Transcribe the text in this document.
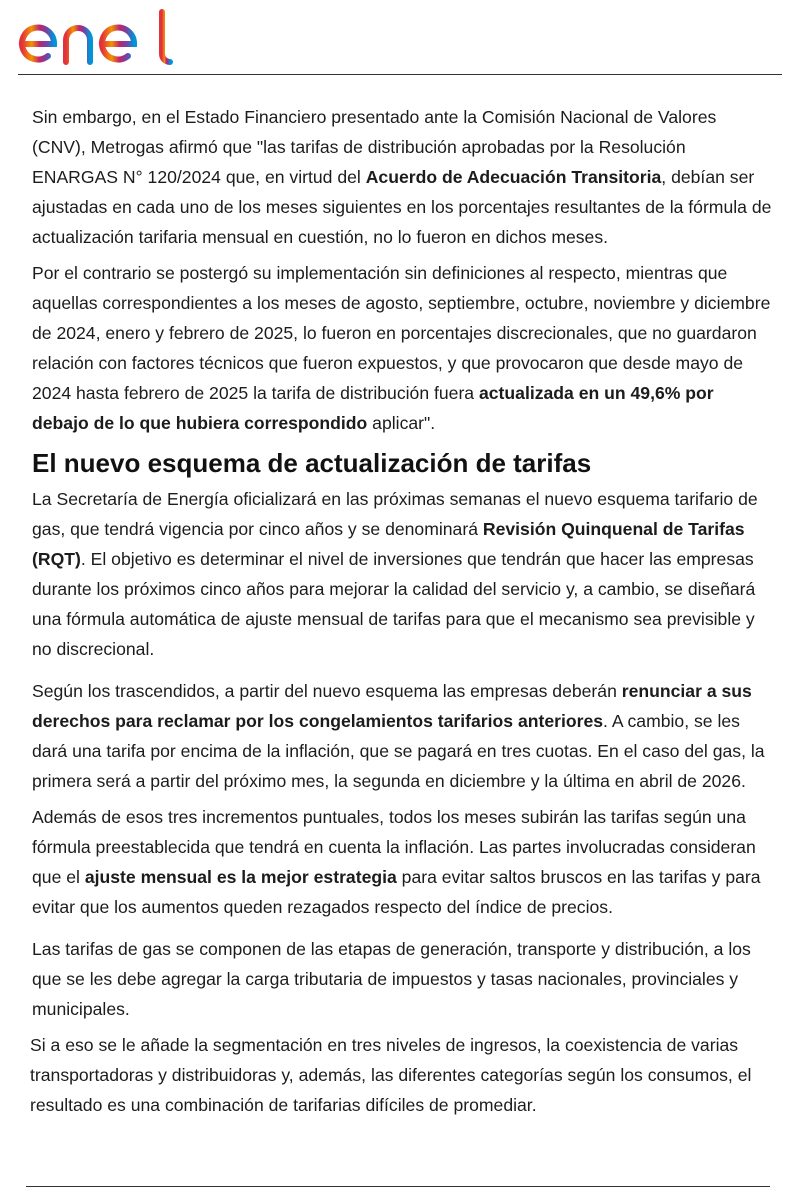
Sin embargo, en el Estado Financiero presentado ante la Comisión Nacional de Valores (CNV), Metrogas afirmó que "las tarifas de distribución aprobadas por la Resolución ENARGAS N° 120/2024 que, en virtud del Acuerdo de Adecuación Transitoria, debían ser ajustadas en cada uno de los meses siguientes en los porcentajes resultantes de la fórmula de actualización tarifaria mensual en cuestión, no lo fueron en dichos meses.

Por el contrario se postergó su implementación sin definiciones al respecto, mientras que aquellas correspondientes a los meses de agosto, septiembre, octubre, noviembre y diciembre de 2024, enero y febrero de 2025, lo fueron en porcentajes discrecionales, que no guardaron relación con factores técnicos que fueron expuestos, y que provocaron que desde mayo de 2024 hasta febrero de 2025 la tarifa de distribución fuera actualizada en un 49,6% por debajo de lo que hubiera correspondido aplicar".

El nuevo esquema de actualización de tarifas

La Secretaría de Energía oficializará en las próximas semanas el nuevo esquema tarifario de gas, que tendrá vigencia por cinco años y se denominará Revisión Quinquenal de Tarifas (RQT). El objetivo es determinar el nivel de inversiones que tendrán que hacer las empresas durante los próximos cinco años para mejorar la calidad del servicio y, a cambio, se diseñará una fórmula automática de ajuste mensual de tarifas para que el mecanismo sea previsible y no discrecional.

Según los trascendidos, a partir del nuevo esquema las empresas deberán renunciar a sus derechos para reclamar por los congelamientos tarifarios anteriores. A cambio, se les dará una tarifa por encima de la inflación, que se pagará en tres cuotas. En el caso del gas, la primera será a partir del próximo mes, la segunda en diciembre y la última en abril de 2026.

Además de esos tres incrementos puntuales, todos los meses subirán las tarifas según una fórmula preestablecida que tendrá en cuenta la inflación. Las partes involucradas consideran que el ajuste mensual es la mejor estrategia para evitar saltos bruscos en las tarifas y para evitar que los aumentos queden rezagados respecto del índice de precios.

Las tarifas de gas se componen de las etapas de generación, transporte y distribución, a los que se les debe agregar la carga tributaria de impuestos y tasas nacionales, provinciales y municipales.

Si a eso se le añade la segmentación en tres niveles de ingresos, la coexistencia de varias transportadoras y distribuidoras y, además, las diferentes categorías según los consumos, el resultado es una combinación de tarifarias difíciles de promediar.
